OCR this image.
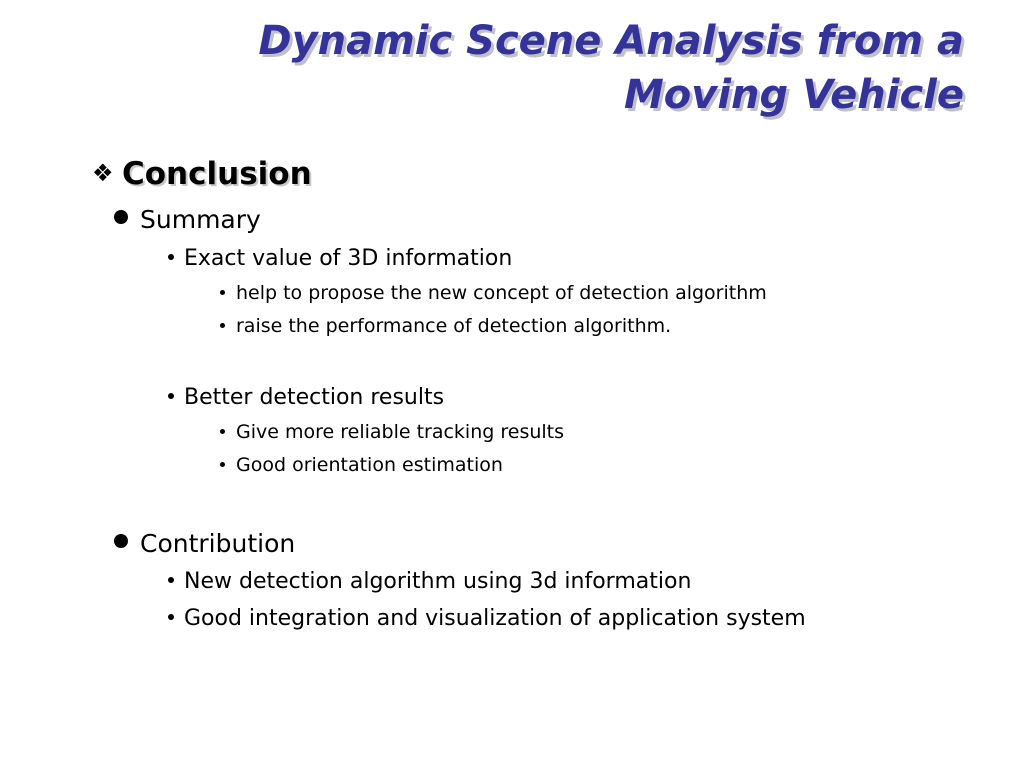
Dynamic Scene Analysis from a
Moving Vehicle
❖ Conclusion
Summary
Exact value of 3D information
help to propose the new concept of detection algorithm
raise the performance of detection algorithm.
Better detection results
Give more reliable tracking results
Good orientation estimation
Contribution
New detection algorithm using 3d information
Good integration and visualization of application system
